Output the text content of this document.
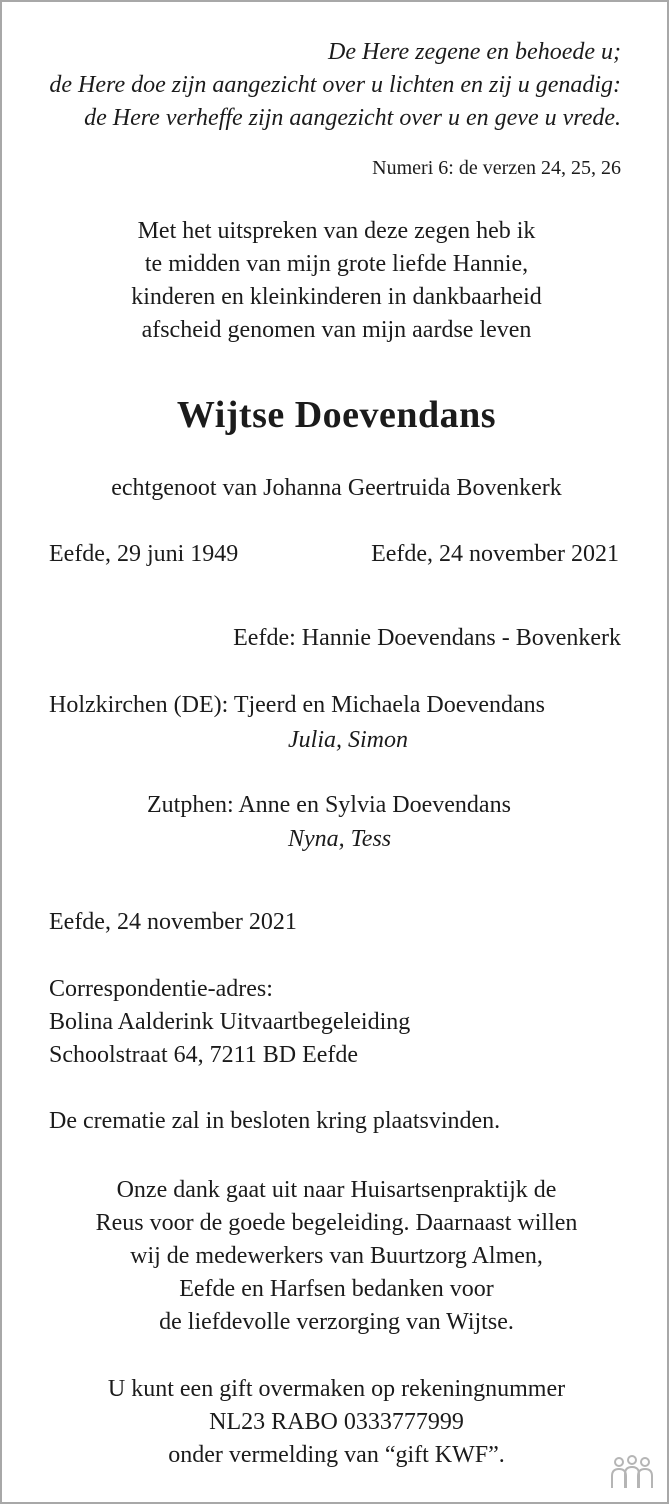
De Here zegene en behoede u;
de Here doe zijn aangezicht over u lichten en zij u genadig:
de Here verheffe zijn aangezicht over u en geve u vrede.
Numeri 6: de verzen 24, 25, 26
Met het uitspreken van deze zegen heb ik
te midden van mijn grote liefde Hannie,
kinderen en kleinkinderen in dankbaarheid
afscheid genomen van mijn aardse leven
Wijtse Doevendans
echtgenoot van Johanna Geertruida Bovenkerk
Eefde, 29 juni 1949	Eefde, 24 november 2021
Eefde: Hannie Doevendans - Bovenkerk
Holzkirchen (DE): Tjeerd en Michaela Doevendans
Julia, Simon
Zutphen: Anne en Sylvia Doevendans
Nyna, Tess
Eefde, 24 november 2021
Correspondentie-adres:
Bolina Aalderink Uitvaartbegeleiding
Schoolstraat 64, 7211 BD Eefde
De crematie zal in besloten kring plaatsvinden.
Onze dank gaat uit naar Huisartsenpraktijk de
Reus voor de goede begeleiding. Daarnaast willen
wij de medewerkers van Buurtzorg Almen,
Eefde en Harfsen bedanken voor
de liefdevolle verzorging van Wijtse.
U kunt een gift overmaken op rekeningnummer
NL23 RABO 0333777999
onder vermelding van “gift KWF”.
